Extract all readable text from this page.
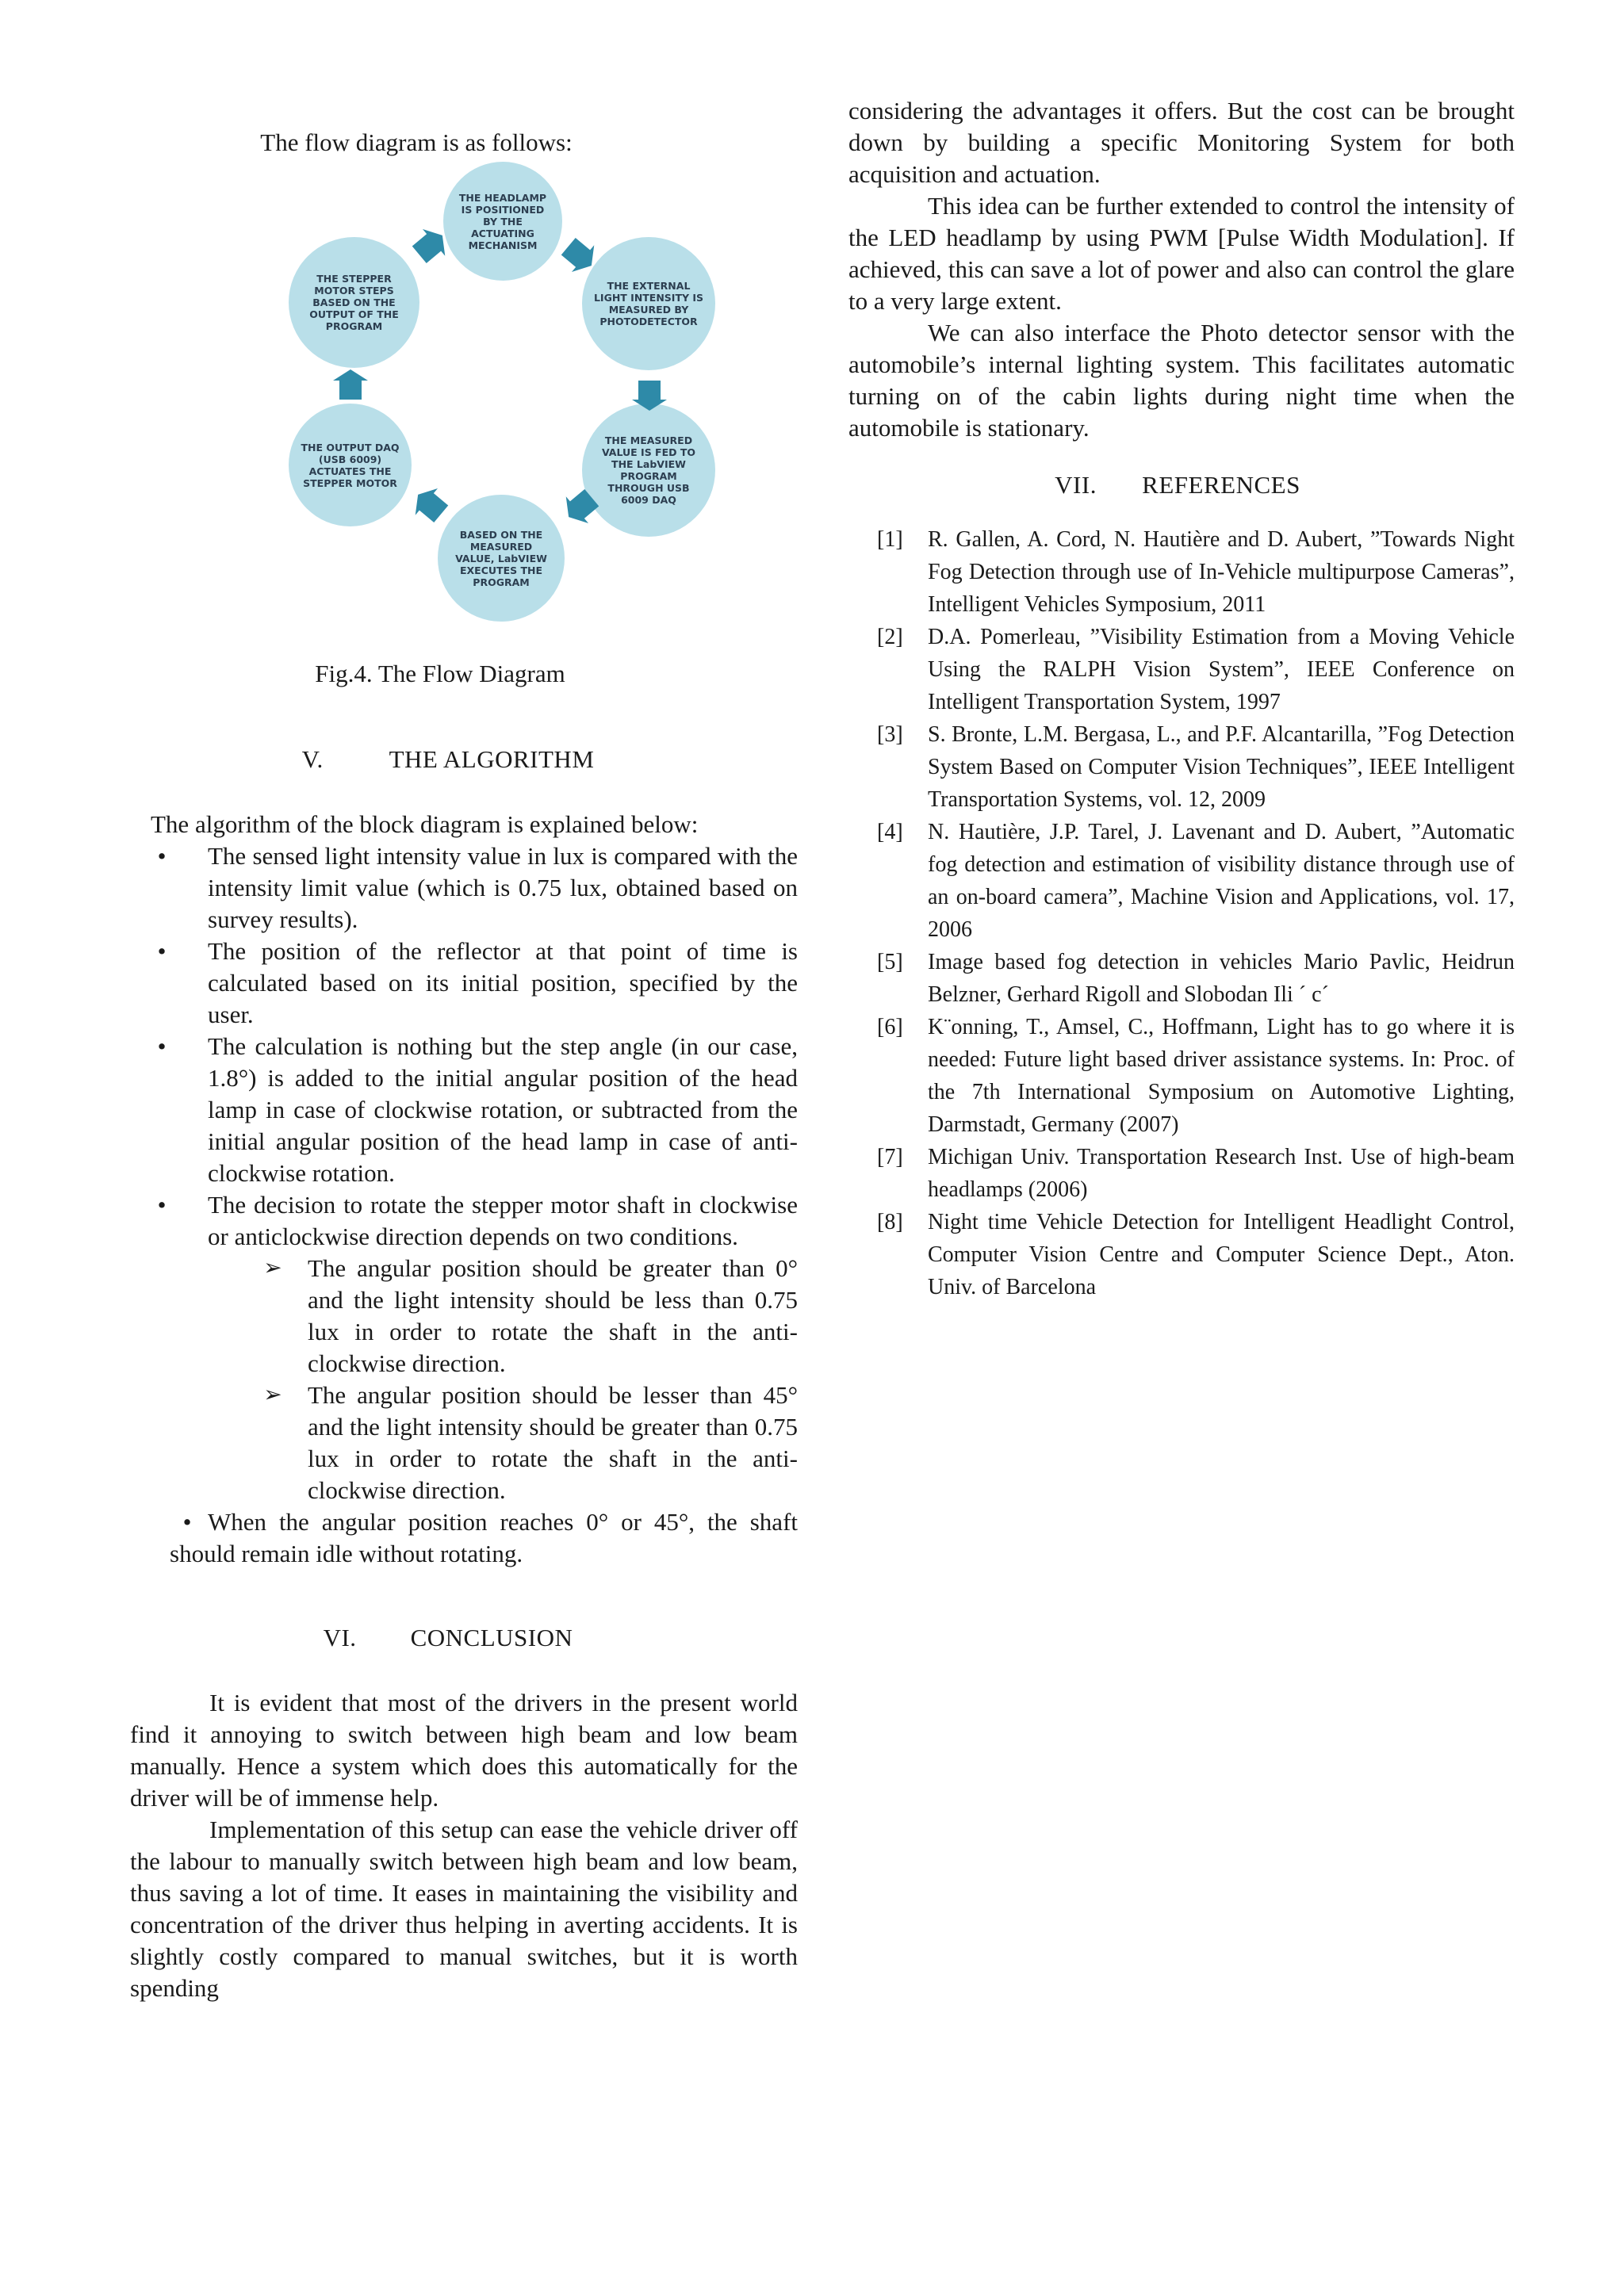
The flow diagram is as follows:

THE HEADLAMP IS POSITIONED BY THE ACTUATING MECHANISM
THE EXTERNAL LIGHT INTENSITY IS MEASURED BY PHOTODETECTOR
THE MEASURED VALUE IS FED TO THE LabVIEW PROGRAM THROUGH USB 6009 DAQ
BASED ON THE MEASURED VALUE, LabVIEW EXECUTES THE PROGRAM
THE OUTPUT DAQ (USB 6009) ACTUATES THE STEPPER MOTOR
THE STEPPER MOTOR STEPS BASED ON THE OUTPUT OF THE PROGRAM

Fig.4. The Flow Diagram

V.	THE ALGORITHM

The algorithm of the block diagram is explained below:

•	The sensed light intensity value in lux is compared with the intensity limit value (which is 0.75 lux, obtained based on survey results).
•	The position of the reflector at that point of time is calculated based on its initial position, specified by the user.
•	The calculation is nothing but the step angle (in our case, 1.8°) is added to the initial angular position of the head lamp in case of clockwise rotation, or subtracted from the initial angular position of the head lamp in case of anti-clockwise rotation.
•	The decision to rotate the stepper motor shaft in clockwise or anticlockwise direction depends on two conditions.
➢ The angular position should be greater than 0° and the light intensity should be less than 0.75 lux in order to rotate the shaft in the anti-clockwise direction.
➢ The angular position should be lesser than 45° and the light intensity should be greater than 0.75 lux in order to rotate the shaft in the anti-clockwise direction.

• When the angular position reaches 0° or 45°, the shaft should remain idle without rotating.

VI. CONCLUSION

It is evident that most of the drivers in the present world find it annoying to switch between high beam and low beam manually. Hence a system which does this automatically for the driver will be of immense help.

Implementation of this setup can ease the vehicle driver off the labour to manually switch between high beam and low beam, thus saving a lot of time. It eases in maintaining the visibility and concentration of the driver thus helping in averting accidents. It is slightly costly compared to manual switches, but it is worth spending

considering the advantages it offers. But the cost can be brought down by building a specific Monitoring System for both acquisition and actuation.

This idea can be further extended to control the intensity of the LED headlamp by using PWM [Pulse Width Modulation]. If achieved, this can save a lot of power and also can control the glare to a very large extent.

We can also interface the Photo detector sensor with the automobile’s internal lighting system. This facilitates automatic turning on of the cabin lights during night time when the automobile is stationary.

VII. REFERENCES

[1] R. Gallen, A. Cord, N. Hautière and D. Aubert, ”Towards Night Fog Detection through use of In-Vehicle multipurpose Cameras”, Intelligent Vehicles Symposium, 2011
[2] D.A. Pomerleau, ”Visibility Estimation from a Moving Vehicle Using the RALPH Vision System”, IEEE Conference on Intelligent Transportation System, 1997
[3] S. Bronte, L.M. Bergasa, L., and P.F. Alcantarilla, ”Fog Detection System Based on Computer Vision Techniques”, IEEE Intelligent Transportation Systems, vol. 12, 2009
[4] N. Hautière, J.P. Tarel, J. Lavenant and D. Aubert, ”Automatic fog detection and estimation of visibility distance through use of an on-board camera”, Machine Vision and Applications, vol. 17, 2006
[5] Image based fog detection in vehicles Mario Pavlic, Heidrun Belzner, Gerhard Rigoll and Slobodan Ili ´ c´
[6] K¨onning, T., Amsel, C., Hoffmann, Light has to go where it is needed: Future light based driver assistance systems. In: Proc. of the 7th International Symposium on Automotive Lighting, Darmstadt, Germany (2007)
[7] Michigan Univ. Transportation Research Inst. Use of high-beam headlamps (2006)
[8] Night time Vehicle Detection for Intelligent Headlight Control, Computer Vision Centre and Computer Science Dept., Aton. Univ. of Barcelona
